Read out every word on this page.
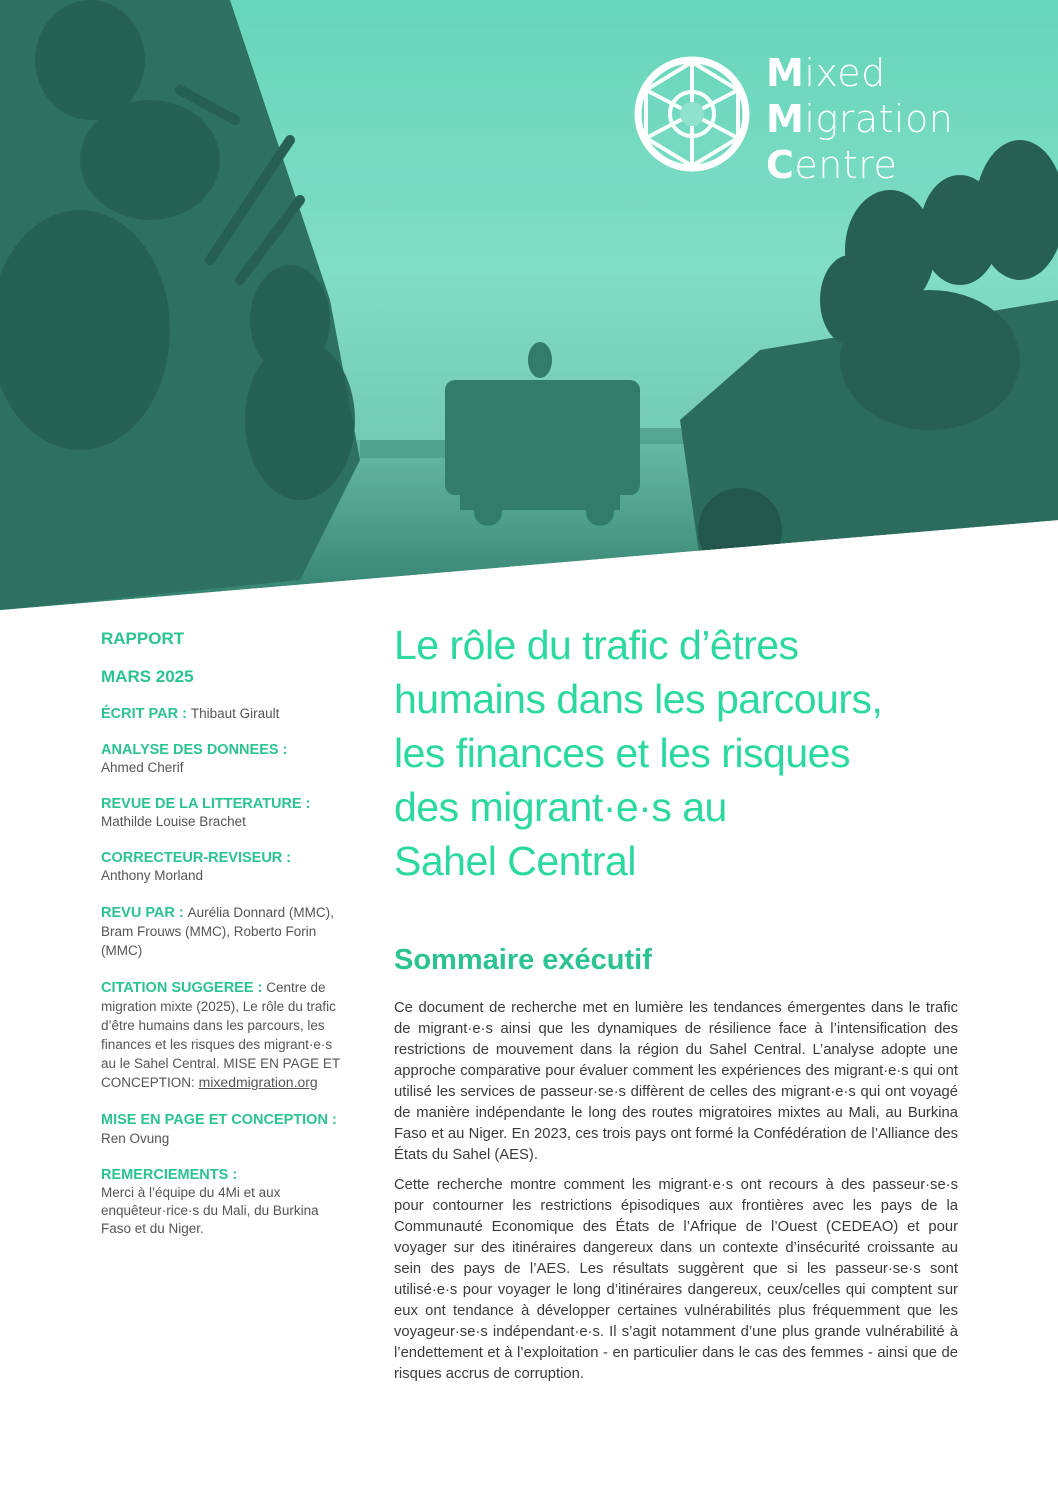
Mixed
Migration
Centre
RAPPORT
MARS 2025
ÉCRIT PAR : Thibaut Girault
ANALYSE DES DONNEES :
Ahmed Cherif
REVUE DE LA LITTERATURE :
Mathilde Louise Brachet
CORRECTEUR-REVISEUR :
Anthony Morland
REVU PAR : Aurélia Donnard (MMC), Bram Frouws (MMC), Roberto Forin (MMC)
CITATION SUGGEREE : Centre de migration mixte (2025), Le rôle du trafic d’être humains dans les parcours, les finances et les risques des migrant·e·s au le Sahel Central. MISE EN PAGE ET CONCEPTION: mixedmigration.org
MISE EN PAGE ET CONCEPTION : Ren Ovung
REMERCIEMENTS :
Merci à l’équipe du 4Mi et aux enquêteur·rice·s du Mali, du Burkina Faso et du Niger.
Le rôle du trafic d’êtres
humains dans les parcours,
les finances et les risques
des migrant·e·s au
Sahel Central
Sommaire exécutif

Ce document de recherche met en lumière les tendances émergentes dans le trafic de migrant·e·s ainsi que les dynamiques de résilience face à l’intensification des restrictions de mouvement dans la région du Sahel Central. L’analyse adopte une approche comparative pour évaluer comment les expériences des migrant·e·s qui ont utilisé les services de passeur·se·s diffèrent de celles des migrant·e·s qui ont voyagé de manière indépendante le long des routes migratoires mixtes au Mali, au Burkina Faso et au Niger. En 2023, ces trois pays ont formé la Confédération de l’Alliance des États du Sahel (AES).

Cette recherche montre comment les migrant·e·s ont recours à des passeur·se·s pour contourner les restrictions épisodiques aux frontières avec les pays de la Communauté Economique des États de l’Afrique de l’Ouest (CEDEAO) et pour voyager sur des itinéraires dangereux dans un contexte d’insécurité croissante au sein des pays de l’AES. Les résultats suggèrent que si les passeur·se·s sont utilisé·e·s pour voyager le long d’itinéraires dangereux, ceux/celles qui comptent sur eux ont tendance à développer certaines vulnérabilités plus fréquemment que les voyageur·se·s indépendant·e·s. Il s’agit notamment d’une plus grande vulnérabilité à l’endettement et à l’exploitation - en particulier dans le cas des femmes - ainsi que de risques accrus de corruption.
